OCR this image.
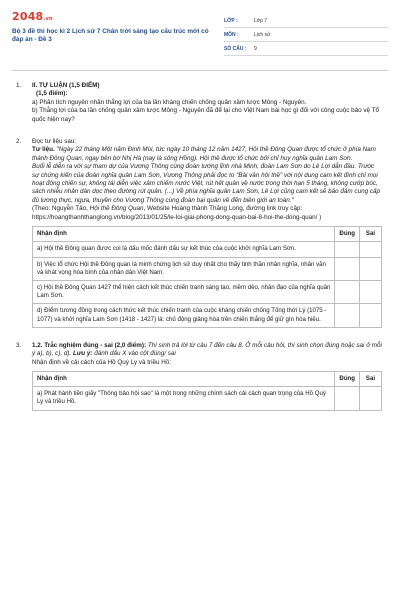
2048.vn
Bộ 3 đề thi học kì 2 Lịch sử 7 Chân trời sáng tạo cấu trúc mới có đáp án - Đề 3
LỚP :	Lớp 7
MÔN :	Lịch sử
SỐ CÂU :	9
1. II. TỰ LUẬN (1,5 ĐIỂM)
(1,5 điểm):
a) Phân tích nguyên nhân thắng lợi của ba lần kháng chiến chống quân xâm lược Mông - Nguyên.
b) Thắng lợi của ba lần chống quân xâm lược Mông - Nguyên đã để lại cho Việt Nam bài học gì đối với công cuộc bảo vệ Tổ quốc hiện nay?
2. Đọc tư liệu sau:
Tư liệu. "Ngày 22 tháng Một năm Đinh Mùi, tức ngày 10 tháng 12 năm 1427, Hội thề Đông Quan được tổ chức ở phía Nam thành Đông Quan, ngay bên bờ Nhị Hà (nay là sông Hồng). Hội thề được tổ chức bởi chỉ huy nghĩa quân Lam Sơn.
Buổi lễ diễn ra với sự tham dự của Vương Thông cùng đoàn tướng lĩnh nhà Minh, đoàn Lam Sơn do Lê Lợi dẫn đầu. Trước sự chứng kiến của đoàn nghĩa quân Lam Sơn, Vương Thông phải đọc to "Bài văn hội thề" với nội dung cam kết đình chỉ mọi hoạt động chiến sự, không tái diễn việc xâm chiếm nước Việt, rút hết quân về nước trong thời hạn 5 tháng, không cướp bóc, sách nhiễu nhân dân dọc theo đường rút quân. (...) Về phía nghĩa quân Lam Sơn, Lê Lợi cũng cam kết sẽ bảo đảm cung cấp đủ lương thực, ngựa, thuyền cho Vương Thông cùng đoàn bại quân về đến biên giới an toàn."
(Theo: Nguyễn Tảo, Hội thề Đông Quan, Website Hoàng thành Thăng Long, đường link truy cập: https://hoangthanhthanglong.vn/blog/2013/01/25/le-loi-giai-phong-dong-quan-bai-8-hoi-the-dong-quan/ )
Nhận định	Đúng	Sai
a) Hội thề Đông quan được coi là dấu mốc đánh dấu sự kết thúc của cuộc khởi nghĩa Lam Sơn.		
b) Việc tổ chức Hội thề Đông quan là minh chứng lịch sử duy nhất cho thấy tinh thần nhân nghĩa, nhân văn và khát vọng hòa bình của nhân dân Việt Nam.		
c) Hội thề Đông Quan 1427 thể hiện cách kết thúc chiến tranh sáng tạo, mềm dẻo, nhân đạo của nghĩa quân Lam Sơn.		
d) Điểm tương đồng trong cách thức kết thúc chiến tranh của cuộc kháng chiến chống Tống thời Lý (1075 - 1077) và khởi nghĩa Lam Sơn (1418 - 1427) là: chủ động giảng hòa trên chiến thắng để giữ gìn hòa hiếu.		
3. 1.2. Trắc nghiệm đúng - sai (2,0 điểm): Thí sinh trả lời từ câu 7 đến câu 8. Ở mỗi câu hỏi, thí sinh chọn đúng hoặc sai ở mỗi ý a), b), c), d). Lưu ý: đánh dấu X vào cột đúng/ sai
Nhận định về cải cách của Hồ Quý Ly và triều Hồ:
Nhận định	Đúng	Sai
a) Phát hành tiền giấy "Thông bảo hội sao" là một trong những chính sách cải cách quan trọng của Hồ Quý Ly và triều Hồ.		
